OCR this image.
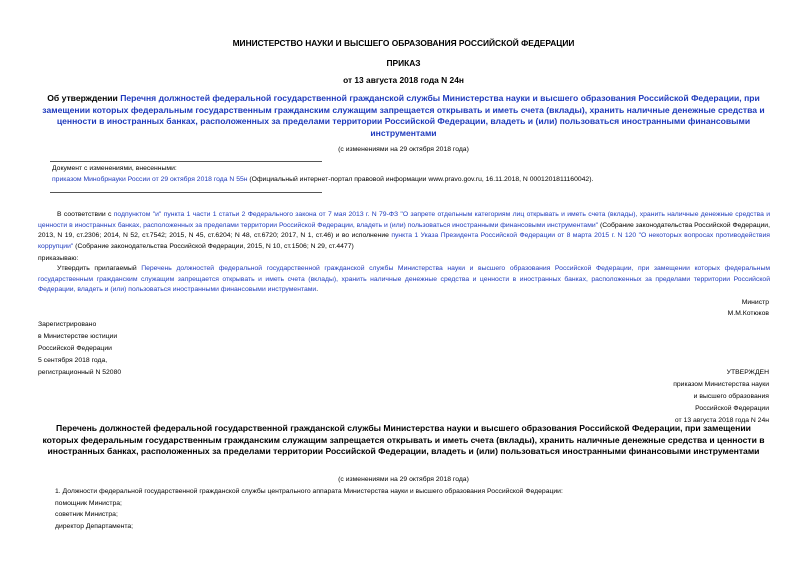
МИНИСТЕРСТВО НАУКИ И ВЫСШЕГО ОБРАЗОВАНИЯ РОССИЙСКОЙ ФЕДЕРАЦИИ
ПРИКАЗ
от 13 августа 2018 года N 24н
Об утверждении Перечня должностей федеральной государственной гражданской службы Министерства науки и высшего образования Российской Федерации, при замещении которых федеральным государственным гражданским служащим запрещается открывать и иметь счета (вклады), хранить наличные денежные средства и ценности в иностранных банках, расположенных за пределами территории Российской Федерации, владеть и (или) пользоваться иностранными финансовыми инструментами
(с изменениями на 29 октября 2018 года)
Документ с изменениями, внесенными:
приказом Минобрнауки России от 29 октября 2018 года N 55н (Официальный интернет-портал правовой информации www.pravo.gov.ru, 16.11.2018, N 0001201811160042).
В соответствии с подпунктом "и" пункта 1 части 1 статьи 2 Федерального закона от 7 мая 2013 г. N 79-ФЗ "О запрете отдельным категориям лиц открывать и иметь счета (вклады), хранить наличные денежные средства и ценности в иностранных банках, расположенных за пределами территории Российской Федерации, владеть и (или) пользоваться иностранными финансовыми инструментами" (Собрание законодательства Российской Федерации, 2013, N 19, ст.2306; 2014, N 52, ст.7542; 2015, N 45, ст.6204; N 48, ст.6720; 2017, N 1, ст.46) и во исполнение пункта 1 Указа Президента Российской Федерации от 8 марта 2015 г. N 120 "О некоторых вопросах противодействия коррупции" (Собрание законодательства Российской Федерации, 2015, N 10, ст.1506; N 29, ст.4477)
приказываю:
Утвердить прилагаемый Перечень должностей федеральной государственной гражданской службы Министерства науки и высшего образования Российской Федерации, при замещении которых федеральным государственным гражданским служащим запрещается открывать и иметь счета (вклады), хранить наличные денежные средства и ценности в иностранных банках, расположенных за пределами территории Российской Федерации, владеть и (или) пользоваться иностранными финансовыми инструментами.
Министр
М.М.Котюков
Зарегистрировано
в Министерстве юстиции
Российской Федерации
5 сентября 2018 года,
регистрационный N 52080	УТВЕРЖДЕН
приказом Министерства науки
и высшего образования
Российской Федерации
от 13 августа 2018 года N 24н
Перечень должностей федеральной государственной гражданской службы Министерства науки и высшего образования Российской Федерации, при замещении которых федеральным государственным гражданским служащим запрещается открывать и иметь счета (вклады), хранить наличные денежные средства и ценности в иностранных банках, расположенных за пределами территории Российской Федерации, владеть и (или) пользоваться иностранными финансовыми инструментами
(с изменениями на 29 октября 2018 года)
1. Должности федеральной государственной гражданской службы центрального аппарата Министерства науки и высшего образования Российской Федерации:
помощник Министра;
советник Министра;
директор Департамента;
